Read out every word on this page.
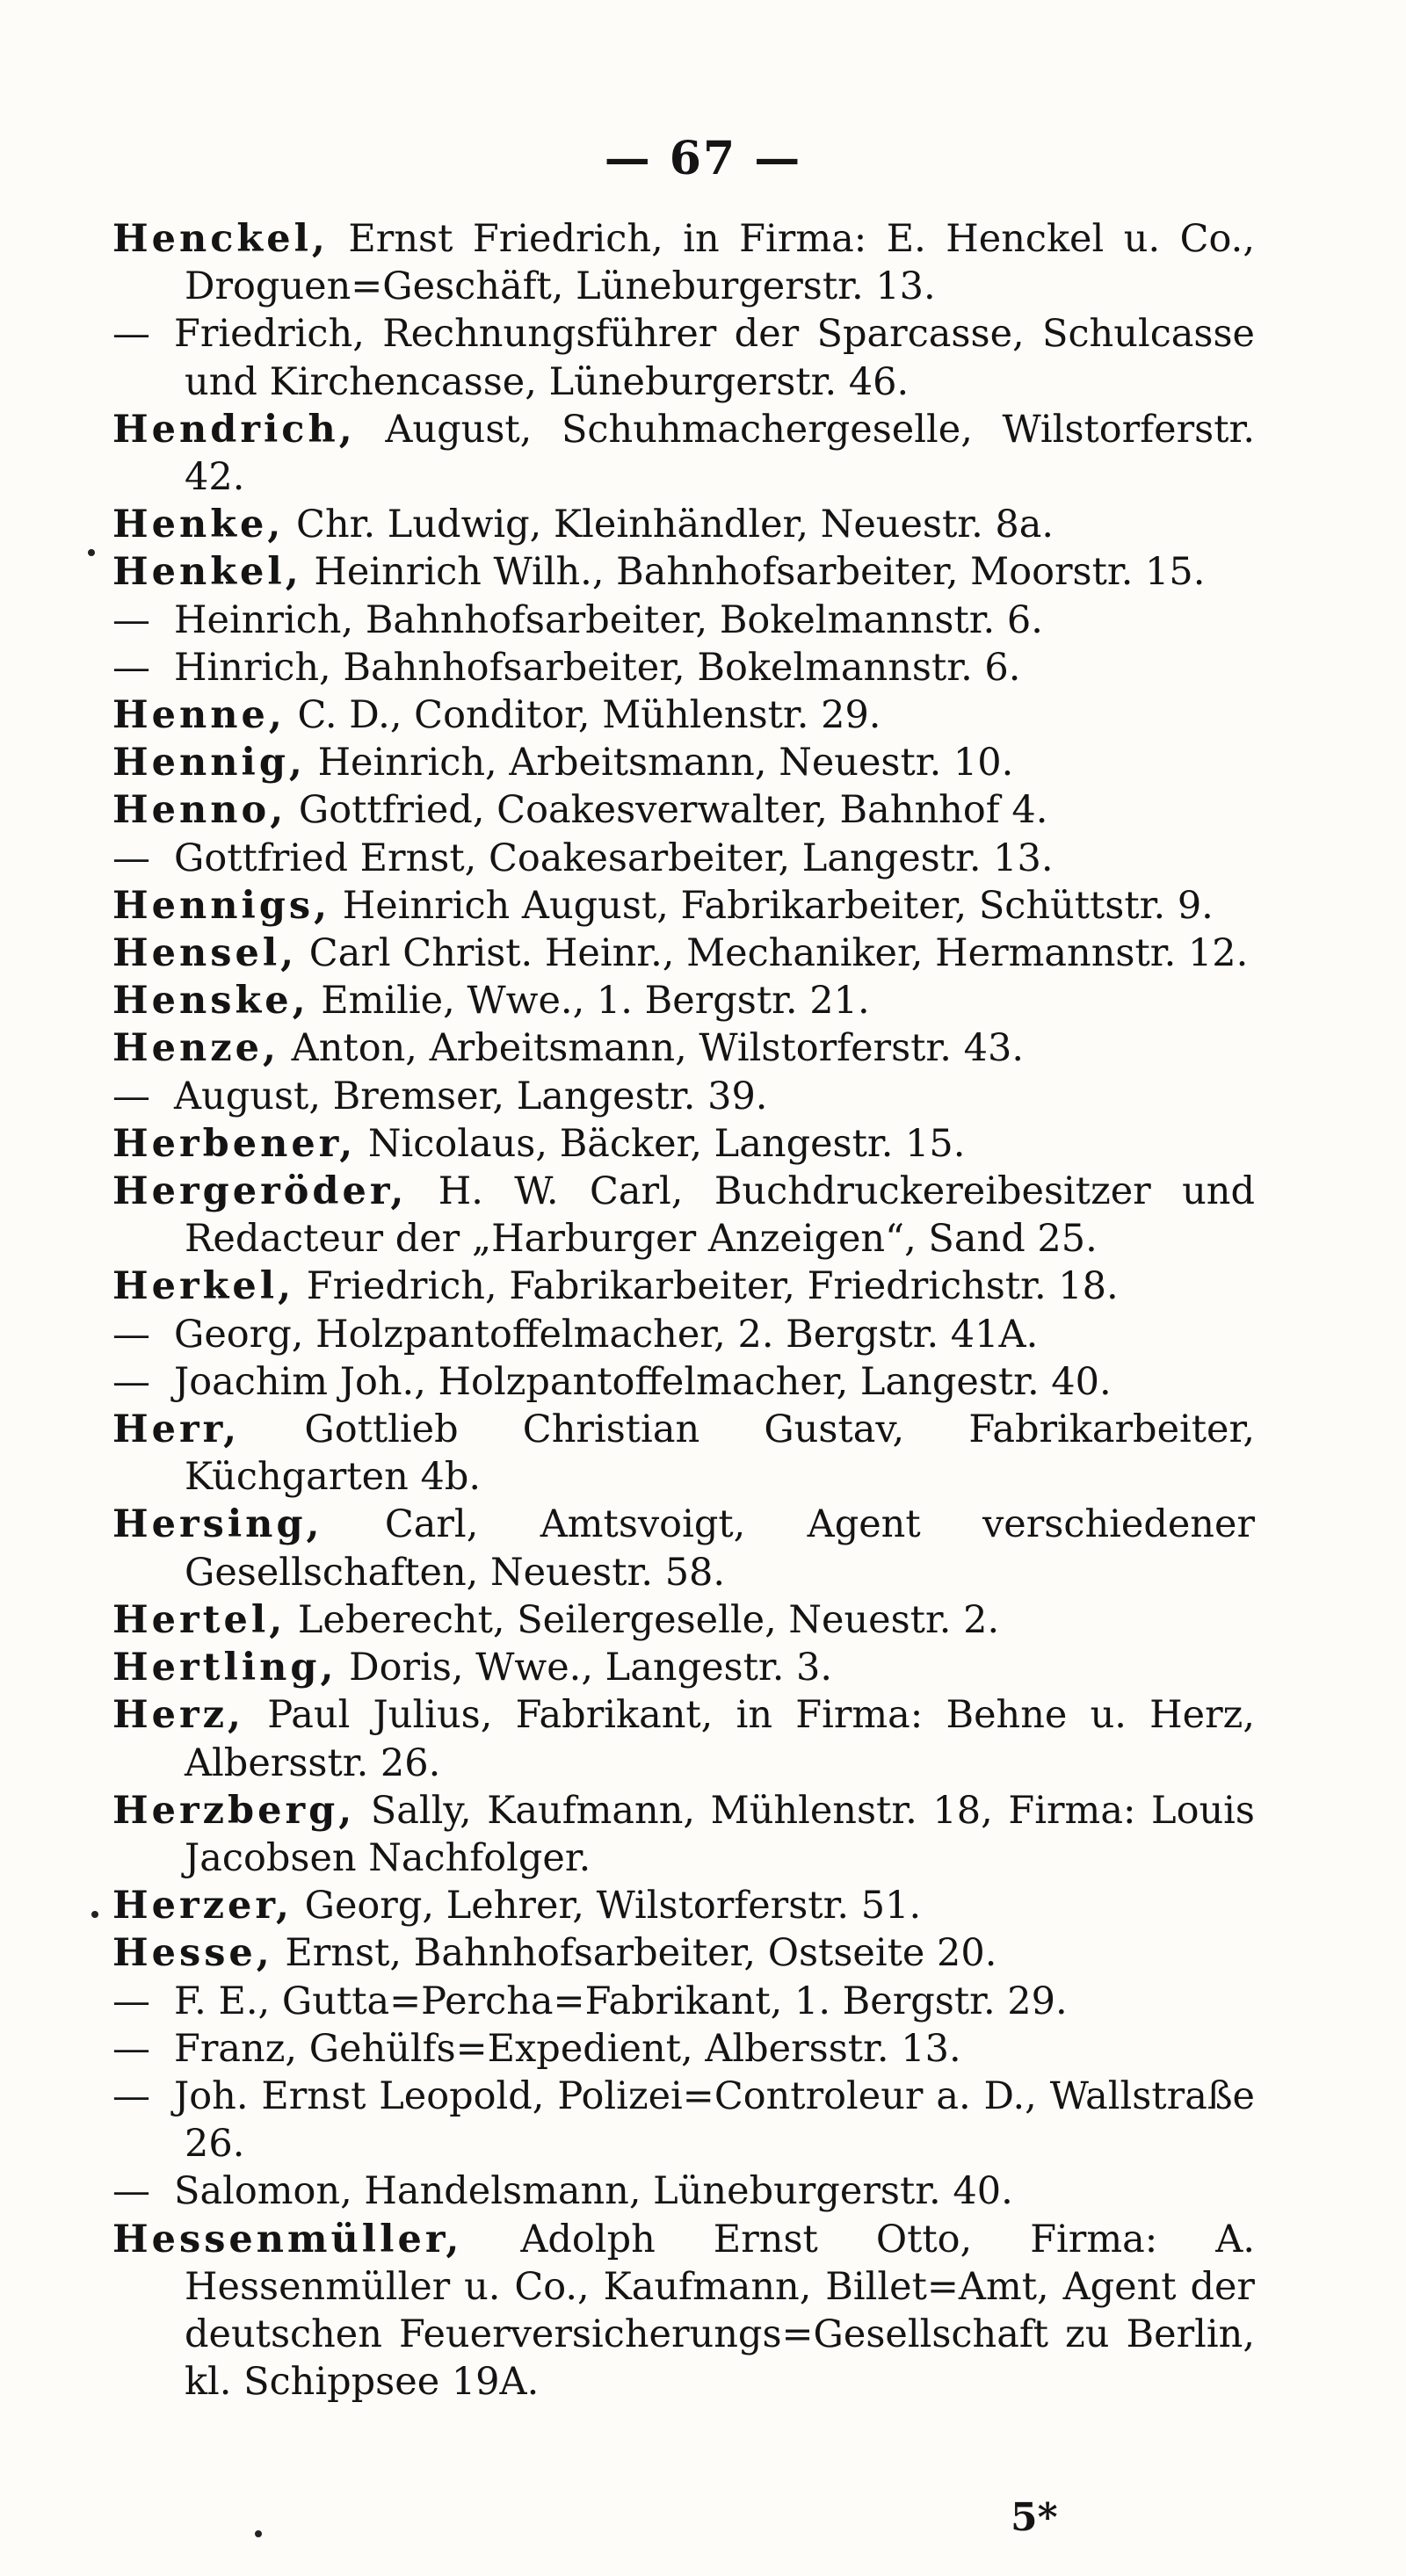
— 67 —
Henckel, Ernst Friedrich, in Firma: E. Henckel u. Co., Droguen=Geschäft, Lüneburgerstr. 13.
— Friedrich, Rechnungsführer der Sparcasse, Schulcasse und Kirchencasse, Lüneburgerstr. 46.
Hendrich, August, Schuhmachergeselle, Wilstorferstr. 42.
Henke, Chr. Ludwig, Kleinhändler, Neuestr. 8a.
Henkel, Heinrich Wilh., Bahnhofsarbeiter, Moorstr. 15.
— Heinrich, Bahnhofsarbeiter, Bokelmannstr. 6.
— Hinrich, Bahnhofsarbeiter, Bokelmannstr. 6.
Henne, C. D., Conditor, Mühlenstr. 29.
Hennig, Heinrich, Arbeitsmann, Neuestr. 10.
Henno, Gottfried, Coakesverwalter, Bahnhof 4.
— Gottfried Ernst, Coakesarbeiter, Langestr. 13.
Hennigs, Heinrich August, Fabrikarbeiter, Schüttstr. 9.
Hensel, Carl Christ. Heinr., Mechaniker, Hermannstr. 12.
Henske, Emilie, Wwe., 1. Bergstr. 21.
Henze, Anton, Arbeitsmann, Wilstorferstr. 43.
— August, Bremser, Langestr. 39.
Herbener, Nicolaus, Bäcker, Langestr. 15.
Hergeröder, H. W. Carl, Buchdruckereibesitzer und Redacteur der „Harburger Anzeigen“, Sand 25.
Herkel, Friedrich, Fabrikarbeiter, Friedrichstr. 18.
— Georg, Holzpantoffelmacher, 2. Bergstr. 41A.
— Joachim Joh., Holzpantoffelmacher, Langestr. 40.
Herr, Gottlieb Christian Gustav, Fabrikarbeiter, Küchgarten 4b.
Hersing, Carl, Amtsvoigt, Agent verschiedener Gesellschaften, Neuestr. 58.
Hertel, Leberecht, Seilergeselle, Neuestr. 2.
Hertling, Doris, Wwe., Langestr. 3.
Herz, Paul Julius, Fabrikant, in Firma: Behne u. Herz, Albersstr. 26.
Herzberg, Sally, Kaufmann, Mühlenstr. 18, Firma: Louis Jacobsen Nachfolger.
Herzer, Georg, Lehrer, Wilstorferstr. 51.
Hesse, Ernst, Bahnhofsarbeiter, Ostseite 20.
— F. E., Gutta=Percha=Fabrikant, 1. Bergstr. 29.
— Franz, Gehülfs=Expedient, Albersstr. 13.
— Joh. Ernst Leopold, Polizei=Controleur a. D., Wallstraße 26.
— Salomon, Handelsmann, Lüneburgerstr. 40.
Hessenmüller, Adolph Ernst Otto, Firma: A. Hessenmüller u. Co., Kaufmann, Billet=Amt, Agent der deutschen Feuerversicherungs=Gesellschaft zu Berlin, kl. Schippsee 19A.
5*
